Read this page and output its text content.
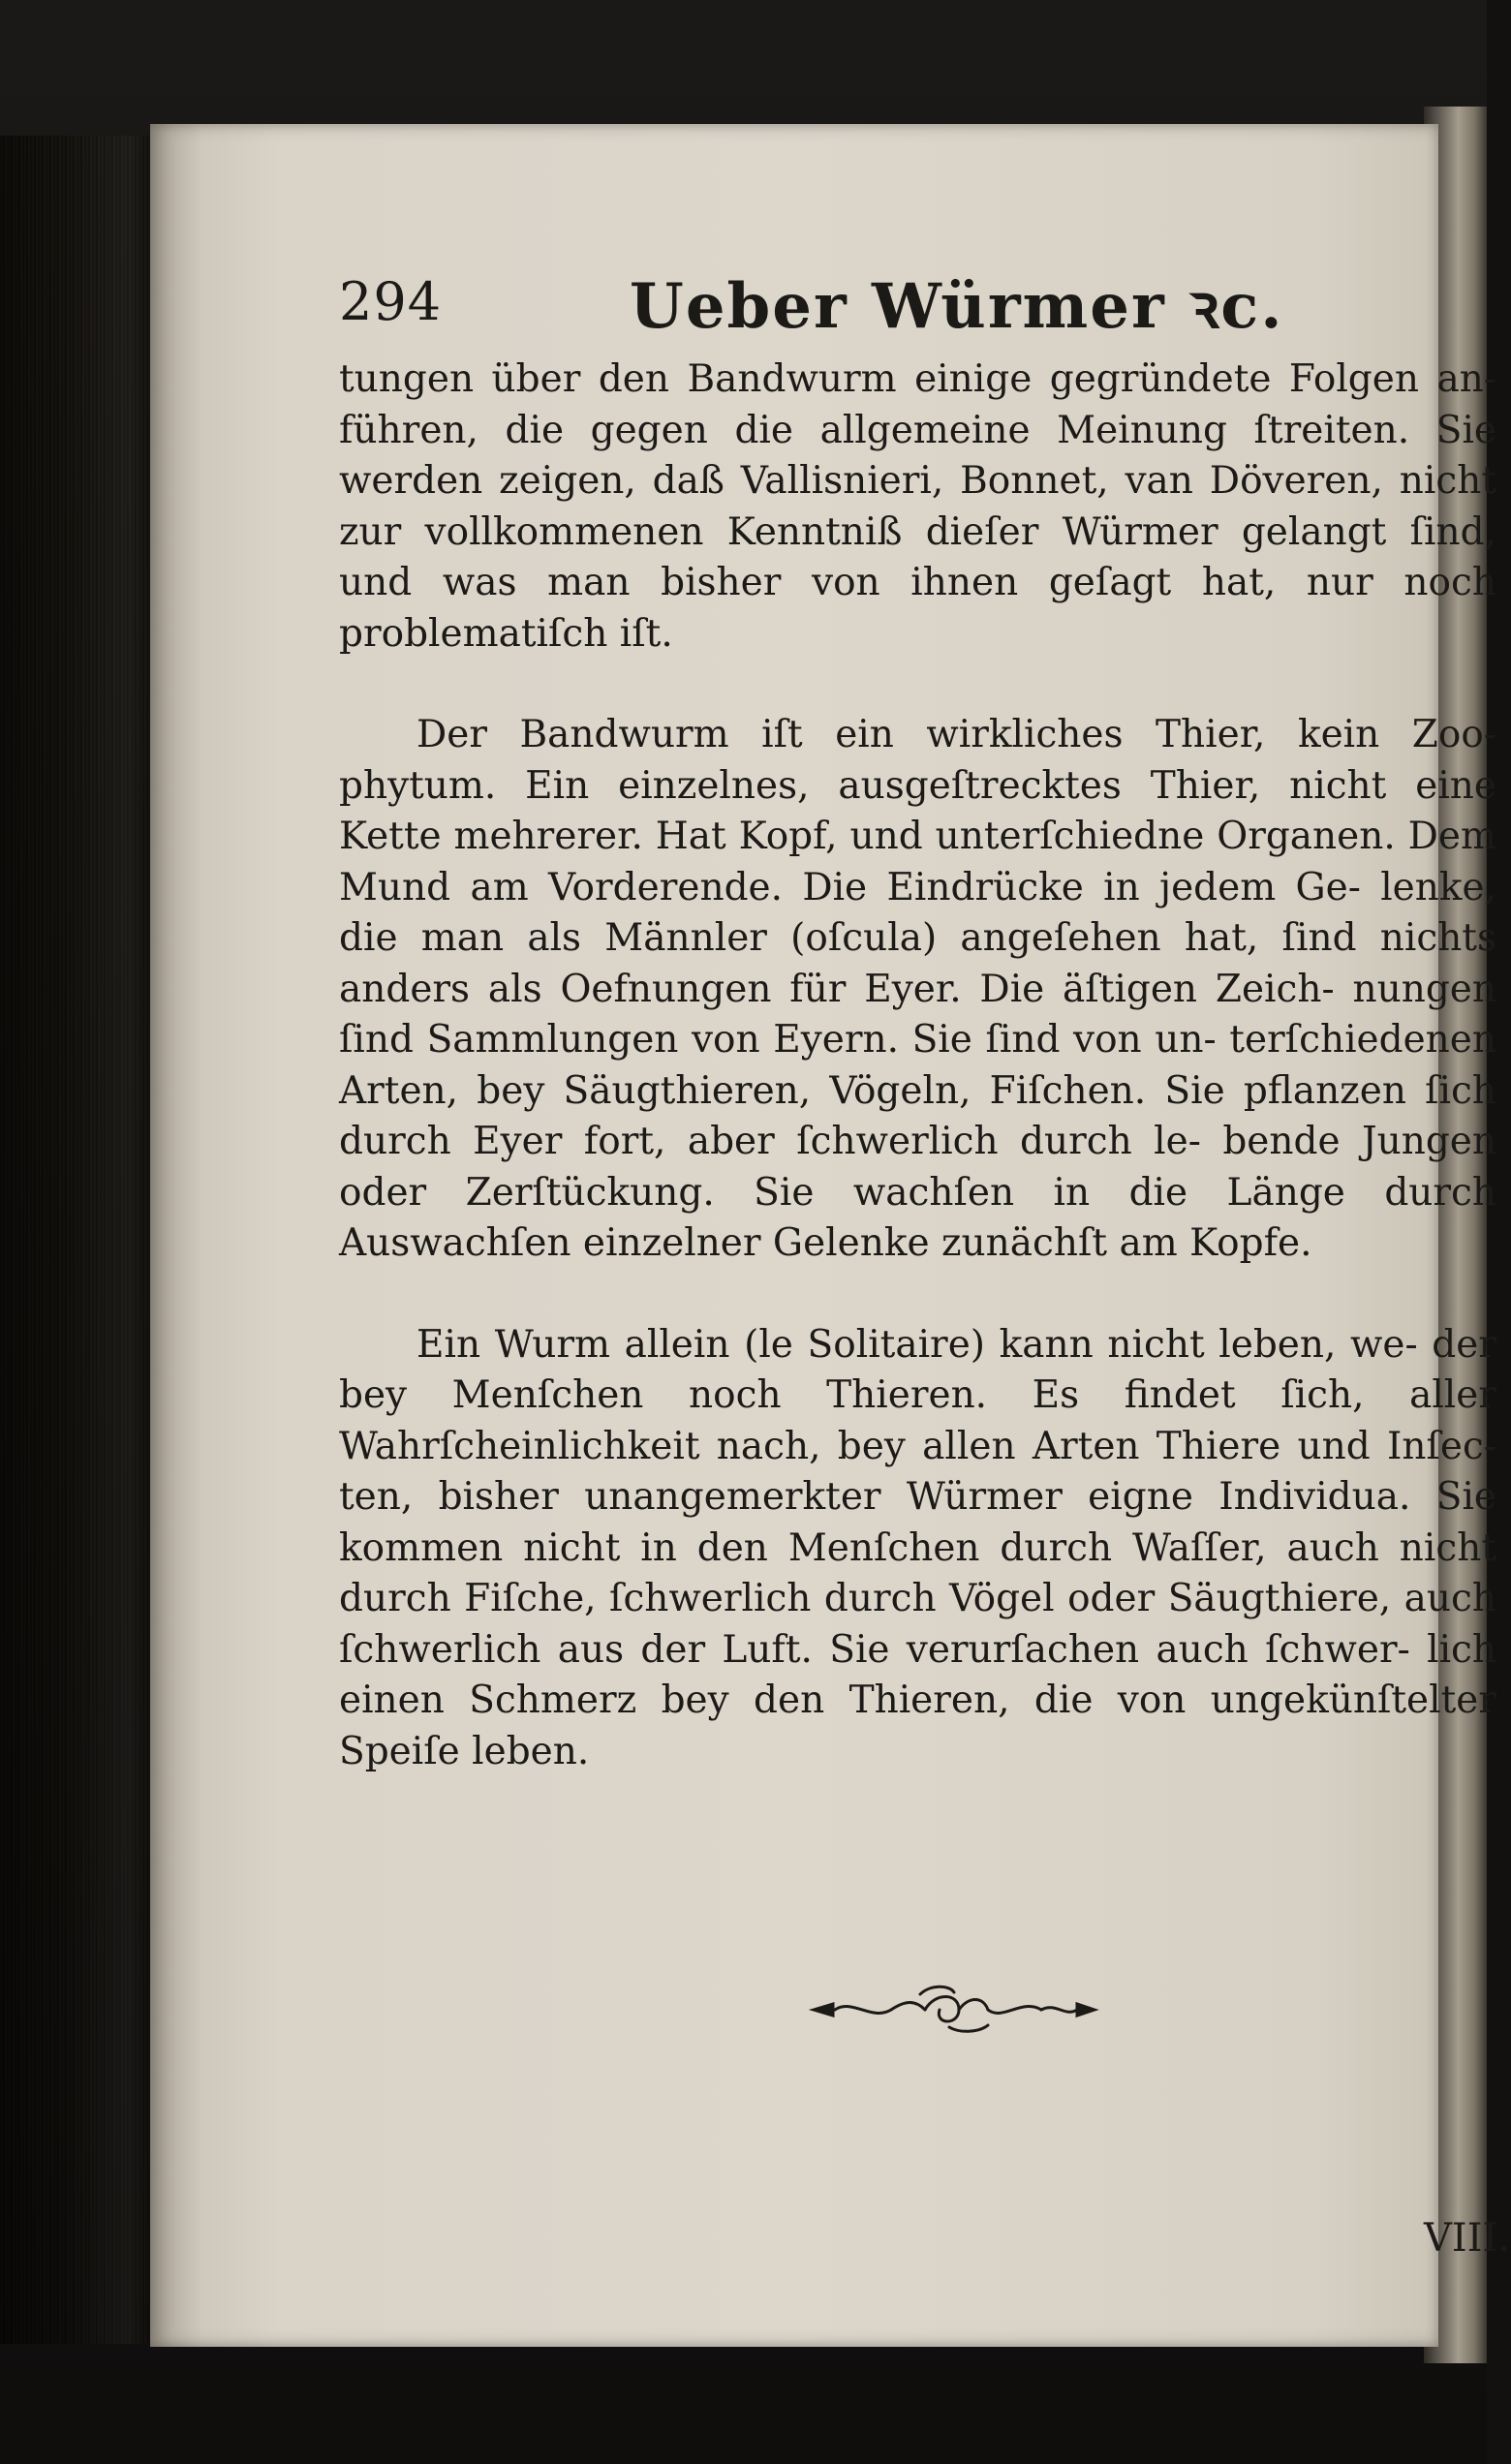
294	Ueber Würmer ꝛc.

tungen über den Bandwurm einige gegründete Folgen an- führen, die gegen die allgemeine Meinung ſtreiten. Sie werden zeigen, daß Vallisnieri, Bonnet, van Döveren, nicht zur vollkommenen Kenntniß dieſer Würmer gelangt ſind, und was man bisher von ihnen geſagt hat, nur noch problematiſch iſt.

Der Bandwurm iſt ein wirkliches Thier, kein Zoo- phytum. Ein einzelnes, ausgeſtrecktes Thier, nicht eine Kette mehrerer. Hat Kopf, und unterſchiedne Organen. Dem Mund am Vorderende. Die Eindrücke in jedem Ge- lenke, die man als Männler (oſcula) angeſehen hat, ſind nichts anders als Oefnungen für Eyer. Die äſtigen Zeich- nungen ſind Sammlungen von Eyern. Sie ſind von un- terſchiedenen Arten, bey Säugthieren, Vögeln, Fiſchen. Sie pflanzen ſich durch Eyer fort, aber ſchwerlich durch le- bende Jungen oder Zerſtückung. Sie wachſen in die Länge durch Auswachſen einzelner Gelenke zunächſt am Kopfe.

Ein Wurm allein (le Solitaire) kann nicht leben, we- der bey Menſchen noch Thieren. Es findet ſich, aller Wahrſcheinlichkeit nach, bey allen Arten Thiere und Inſec- ten, bisher unangemerkter Würmer eigne Individua. Sie kommen nicht in den Menſchen durch Waſſer, auch nicht durch Fiſche, ſchwerlich durch Vögel oder Säugthiere, auch ſchwerlich aus der Luft. Sie verurſachen auch ſchwer- lich einen Schmerz bey den Thieren, die von ungekünſtelter Speiſe leben.

VIII.
